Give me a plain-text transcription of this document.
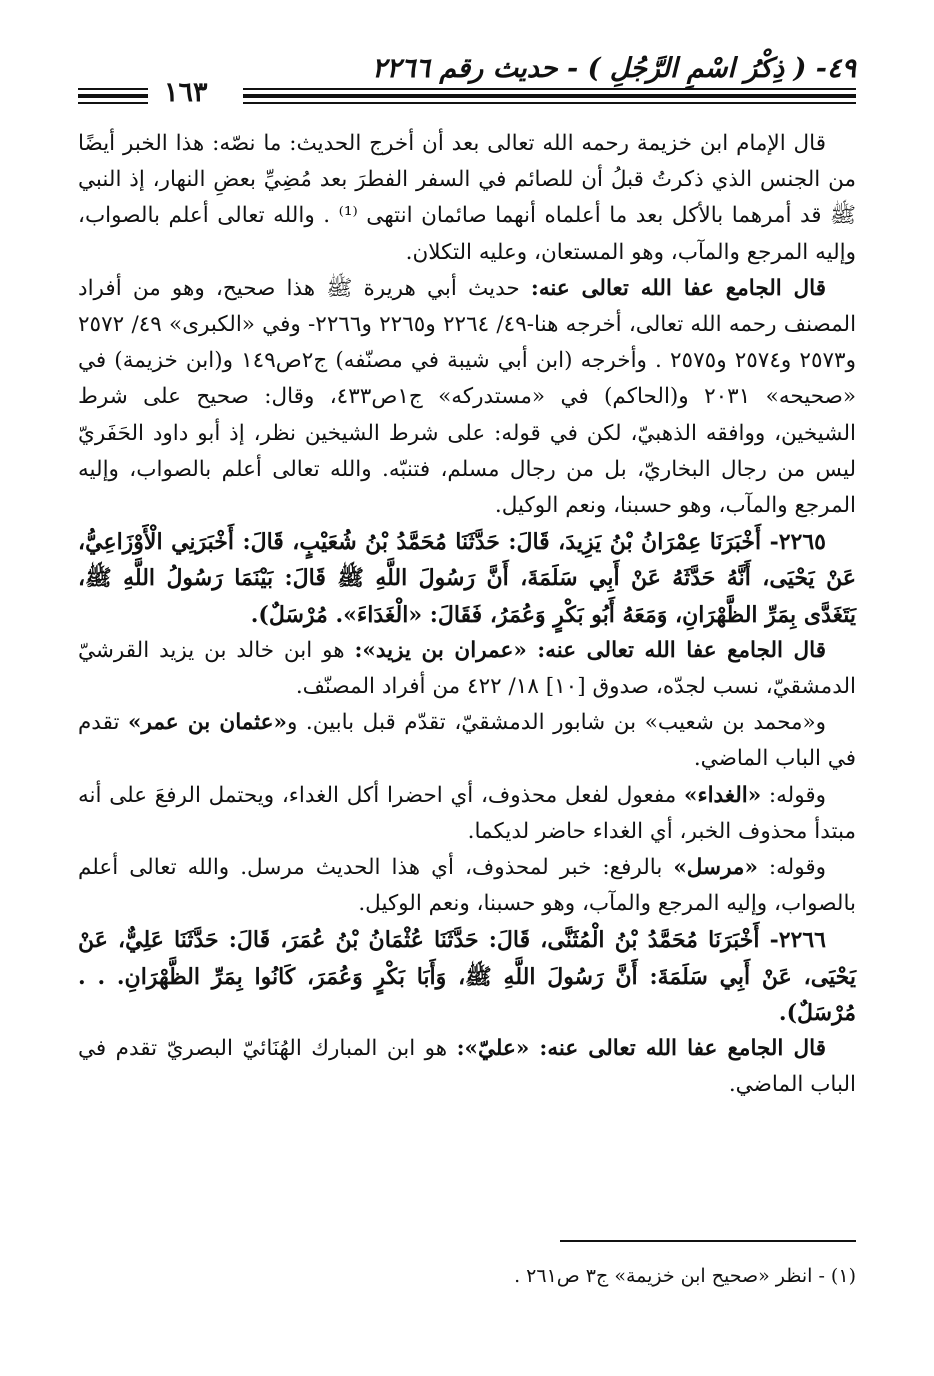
٤٩- ( ذِكْرُ اسْمِ الرَّجُلِ ) - حديث رقم ٢٢٦٦
١٦٣

قال الإمام ابن خزيمة رحمه الله تعالى بعد أن أخرج الحديث: ما نصّه: هذا الخبر أيضًا من الجنس الذي ذكرتُ قبلُ أن للصائم في السفر الفطرَ بعد مُضِيِّ بعضِ النهار، إذ النبي ﷺ قد أمرهما بالأكل بعد ما أعلماه أنهما صائمان انتهى ⁽¹⁾ . والله تعالى أعلم بالصواب، وإليه المرجع والمآب، وهو المستعان، وعليه التكلان.

قال الجامع عفا الله تعالى عنه: حديث أبي هريرة ﷺ هذا صحيح، وهو من أفراد المصنف رحمه الله تعالى، أخرجه هنا-٤٩/ ٢٢٦٤ و٢٢٦٥ و٢٢٦٦- وفي «الكبرى» ٤٩/ ٢٥٧٢ و٢٥٧٣ و٢٥٧٤ و٢٥٧٥ . وأخرجه (ابن أبي شيبة في مصنّفه) ج٢ص١٤٩ و(ابن خزيمة) في «صحيحه» ٢٠٣١ و(الحاكم) في «مستدركه» ج١ص٤٣٣، وقال: صحيح على شرط الشيخين، ووافقه الذهبيّ، لكن في قوله: على شرط الشيخين نظر، إذ أبو داود الحَفَريّ ليس من رجال البخاريّ، بل من رجال مسلم، فتنبّه. والله تعالى أعلم بالصواب، وإليه المرجع والمآب، وهو حسبنا، ونعم الوكيل.

٢٢٦٥- أَخْبَرَنَا عِمْرَانُ بْنُ يَزِيدَ، قَالَ: حَدَّثَنَا مُحَمَّدُ بْنُ شُعَيْبٍ، قَالَ: أَخْبَرَنِي الْأَوْزَاعِيُّ، عَنْ يَحْيَى، أَنَّهُ حَدَّثَهُ عَنْ أَبِي سَلَمَةَ، أَنَّ رَسُولَ اللَّهِ ﷺ قَالَ: بَيْنَمَا رَسُولُ اللَّهِ ﷺ، يَتَغَدَّى بِمَرِّ الظَّهْرَانِ، وَمَعَهُ أَبُو بَكْرٍ وَعُمَرُ، فَقَالَ: «الْغَدَاءَ». مُرْسَلٌ).

قال الجامع عفا الله تعالى عنه: «عمران بن يزيد»: هو ابن خالد بن يزيد القرشيّ الدمشقيّ، نسب لجدّه، صدوق [١٠] ١٨/ ٤٢٢ من أفراد المصنّف.

و«محمد بن شعيب» بن شابور الدمشقيّ، تقدّم قبل بابين. و«عثمان بن عمر» تقدم في الباب الماضي.

وقوله: «الغداء» مفعول لفعل محذوف، أي احضرا أكل الغداء، ويحتمل الرفعَ على أنه مبتدأ محذوف الخبر، أي الغداء حاضر لديكما.

وقوله: «مرسل» بالرفع: خبر لمحذوف، أي هذا الحديث مرسل. والله تعالى أعلم بالصواب، وإليه المرجع والمآب، وهو حسبنا، ونعم الوكيل.

٢٢٦٦- أَخْبَرَنَا مُحَمَّدُ بْنُ الْمُثَنَّى، قَالَ: حَدَّثَنَا عُثْمَانُ بْنُ عُمَرَ، قَالَ: حَدَّثَنَا عَلِيٌّ، عَنْ يَحْيَى، عَنْ أَبِي سَلَمَةَ: أَنَّ رَسُولَ اللَّهِ ﷺ، وَأَبَا بَكْرٍ وَعُمَرَ، كَانُوا بِمَرِّ الظَّهْرَانِ. . . مُرْسَلٌ).

قال الجامع عفا الله تعالى عنه: «عليّ»: هو ابن المبارك الهُنَائيّ البصريّ تقدم في الباب الماضي.

(١) - انظر «صحيح ابن خزيمة» ج٣ ص٢٦١ .
